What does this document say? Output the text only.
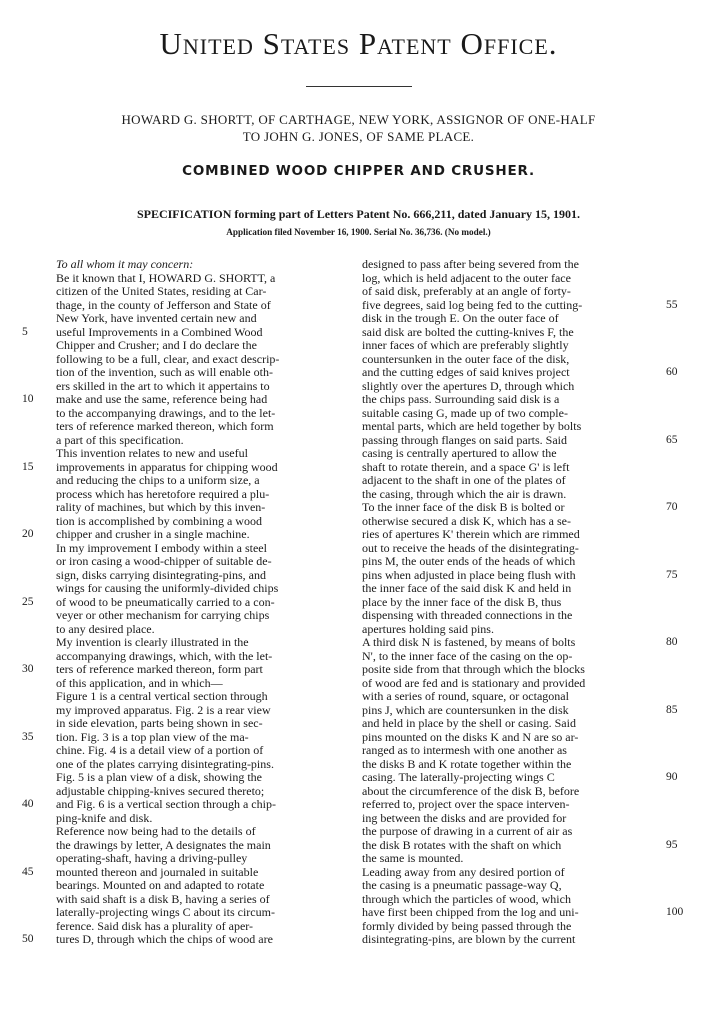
United States Patent Office.
HOWARD G. SHORTT, OF CARTHAGE, NEW YORK, ASSIGNOR OF ONE-HALF
TO JOHN G. JONES, OF SAME PLACE.
COMBINED WOOD CHIPPER AND CRUSHER.
SPECIFICATION forming part of Letters Patent No. 666,211, dated January 15, 1901.
Application filed November 16, 1900. Serial No. 36,736. (No model.)
5
10
15
20
25
30
35
40
45
50
To all whom it may concern:
Be it known that I, HOWARD G. SHORTT, a
citizen of the United States, residing at Car-
thage, in the county of Jefferson and State of
New York, have invented certain new and
useful Improvements in a Combined Wood
Chipper and Crusher; and I do declare the
following to be a full, clear, and exact descrip-
tion of the invention, such as will enable oth-
ers skilled in the art to which it appertains to
make and use the same, reference being had
to the accompanying drawings, and to the let-
ters of reference marked thereon, which form
a part of this specification.
This invention relates to new and useful
improvements in apparatus for chipping wood
and reducing the chips to a uniform size, a
process which has heretofore required a plu-
rality of machines, but which by this inven-
tion is accomplished by combining a wood
chipper and crusher in a single machine.
In my improvement I embody within a steel
or iron casing a wood-chipper of suitable de-
sign, disks carrying disintegrating-pins, and
wings for causing the uniformly-divided chips
of wood to be pneumatically carried to a con-
veyer or other mechanism for carrying chips
to any desired place.
My invention is clearly illustrated in the
accompanying drawings, which, with the let-
ters of reference marked thereon, form part
of this application, and in which—
Figure 1 is a central vertical section through
my improved apparatus. Fig. 2 is a rear view
in side elevation, parts being shown in sec-
tion. Fig. 3 is a top plan view of the ma-
chine. Fig. 4 is a detail view of a portion of
one of the plates carrying disintegrating-pins.
Fig. 5 is a plan view of a disk, showing the
adjustable chipping-knives secured thereto;
and Fig. 6 is a vertical section through a chip-
ping-knife and disk.
Reference now being had to the details of
the drawings by letter, A designates the main
operating-shaft, having a driving-pulley
mounted thereon and journaled in suitable
bearings. Mounted on and adapted to rotate
with said shaft is a disk B, having a series of
laterally-projecting wings C about its circum-
ference. Said disk has a plurality of aper-
tures D, through which the chips of wood are
designed to pass after being severed from the
log, which is held adjacent to the outer face
of said disk, preferably at an angle of forty-
five degrees, said log being fed to the cutting-
disk in the trough E. On the outer face of
said disk are bolted the cutting-knives F, the
inner faces of which are preferably slightly
countersunken in the outer face of the disk,
and the cutting edges of said knives project
slightly over the apertures D, through which
the chips pass. Surrounding said disk is a
suitable casing G, made up of two comple-
mental parts, which are held together by bolts
passing through flanges on said parts. Said
casing is centrally apertured to allow the
shaft to rotate therein, and a space G' is left
adjacent to the shaft in one of the plates of
the casing, through which the air is drawn.
To the inner face of the disk B is bolted or
otherwise secured a disk K, which has a se-
ries of apertures K' therein which are rimmed
out to receive the heads of the disintegrating-
pins M, the outer ends of the heads of which
pins when adjusted in place being flush with
the inner face of the said disk K and held in
place by the inner face of the disk B, thus
dispensing with threaded connections in the
apertures holding said pins.
A third disk N is fastened, by means of bolts
N', to the inner face of the casing on the op-
posite side from that through which the blocks
of wood are fed and is stationary and provided
with a series of round, square, or octagonal
pins J, which are countersunken in the disk
and held in place by the shell or casing. Said
pins mounted on the disks K and N are so ar-
ranged as to intermesh with one another as
the disks B and K rotate together within the
casing. The laterally-projecting wings C
about the circumference of the disk B, before
referred to, project over the space interven-
ing between the disks and are provided for
the purpose of drawing in a current of air as
the disk B rotates with the shaft on which
the same is mounted.
Leading away from any desired portion of
the casing is a pneumatic passage-way Q,
through which the particles of wood, which
have first been chipped from the log and uni-
formly divided by being passed through the
disintegrating-pins, are blown by the current
55
60
65
70
75
80
85
90
95
100
